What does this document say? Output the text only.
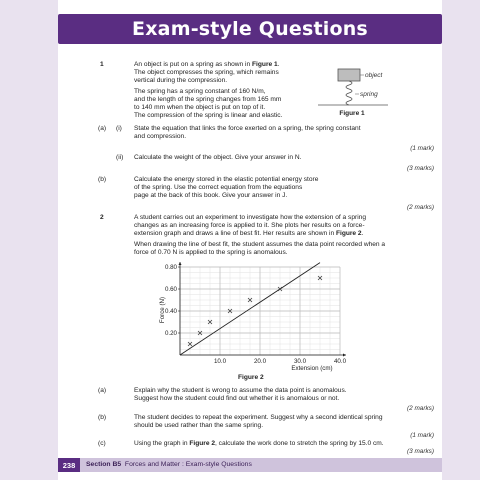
Exam-style Questions
1	An object is put on a spring as shown in Figure 1.
The object compresses the spring, which remains
vertical during the compression.
The spring has a spring constant of 160 N/m,
and the length of the spring changes from 165 mm
to 140 mm when the object is put on top of it.
The compression of the spring is linear and elastic.
object
spring
Figure 1
(a) (i) State the equation that links the force exerted on a spring, the spring constant
and compression.
(1 mark)
(ii) Calculate the weight of the object. Give your answer in N.
(3 marks)
(b)	Calculate the energy stored in the elastic potential energy store
of the spring. Use the correct equation from the equations
page at the back of this book. Give your answer in J.
(2 marks)
2	A student carries out an experiment to investigate how the extension of a spring
changes as an increasing force is applied to it. She plots her results on a force-
extension graph and draws a line of best fit. Her results are shown in Figure 2.
When drawing the line of best fit, the student assumes the data point recorded when a
force of 0.70 N is applied to the spring is anomalous.
10.0	20.0	30.0	40.0
0.20
0.40
0.60
0.80
Force (N)
Extension (cm)
Figure 2
(a)	Explain why the student is wrong to assume the data point is anomalous.
Suggest how the student could find out whether it is anomalous or not.
(2 marks)
(b)	The student decides to repeat the experiment. Suggest why a second identical spring
should be used rather than the same spring.
(1 mark)
(c)	Using the graph in Figure 2, calculate the work done to stretch the spring by 15.0 cm.
(3 marks)
238	Section B5 Forces and Matter : Exam-style Questions
